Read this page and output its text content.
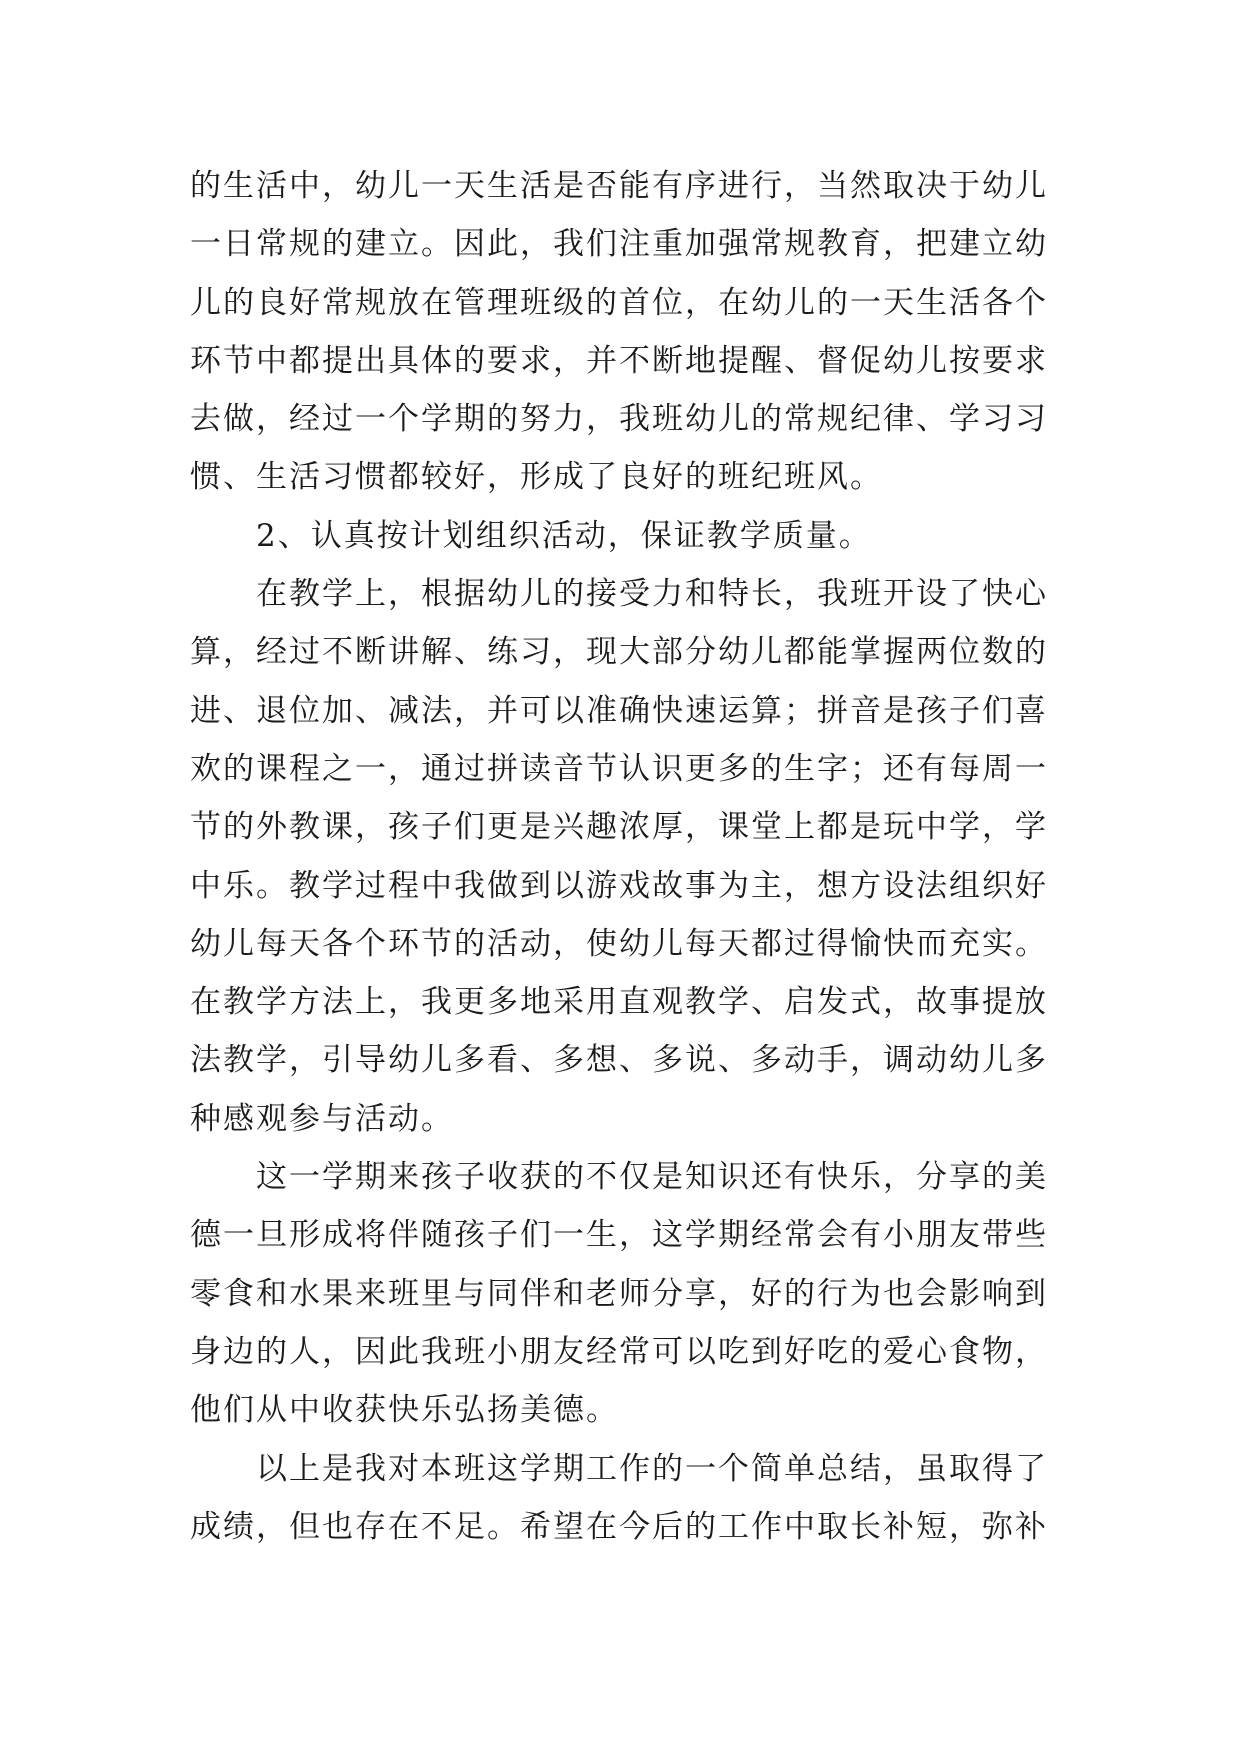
的生活中，幼儿一天生活是否能有序进行，当然取决于幼儿
一日常规的建立。因此，我们注重加强常规教育，把建立幼
儿的良好常规放在管理班级的首位，在幼儿的一天生活各个
环节中都提出具体的要求，并不断地提醒、督促幼儿按要求
去做，经过一个学期的努力，我班幼儿的常规纪律、学习习
惯、生活习惯都较好，形成了良好的班纪班风。
2、认真按计划组织活动，保证教学质量。
在教学上，根据幼儿的接受力和特长，我班开设了快心
算，经过不断讲解、练习，现大部分幼儿都能掌握两位数的
进、退位加、减法，并可以准确快速运算；拼音是孩子们喜
欢的课程之一，通过拼读音节认识更多的生字；还有每周一
节的外教课，孩子们更是兴趣浓厚，课堂上都是玩中学，学
中乐。教学过程中我做到以游戏故事为主，想方设法组织好
幼儿每天各个环节的活动，使幼儿每天都过得愉快而充实。
在教学方法上，我更多地采用直观教学、启发式，故事提放
法教学，引导幼儿多看、多想、多说、多动手，调动幼儿多
种感观参与活动。
这一学期来孩子收获的不仅是知识还有快乐，分享的美
德一旦形成将伴随孩子们一生，这学期经常会有小朋友带些
零食和水果来班里与同伴和老师分享，好的行为也会影响到
身边的人，因此我班小朋友经常可以吃到好吃的爱心食物，
他们从中收获快乐弘扬美德。
以上是我对本班这学期工作的一个简单总结，虽取得了
成绩，但也存在不足。希望在今后的工作中取长补短，弥补
